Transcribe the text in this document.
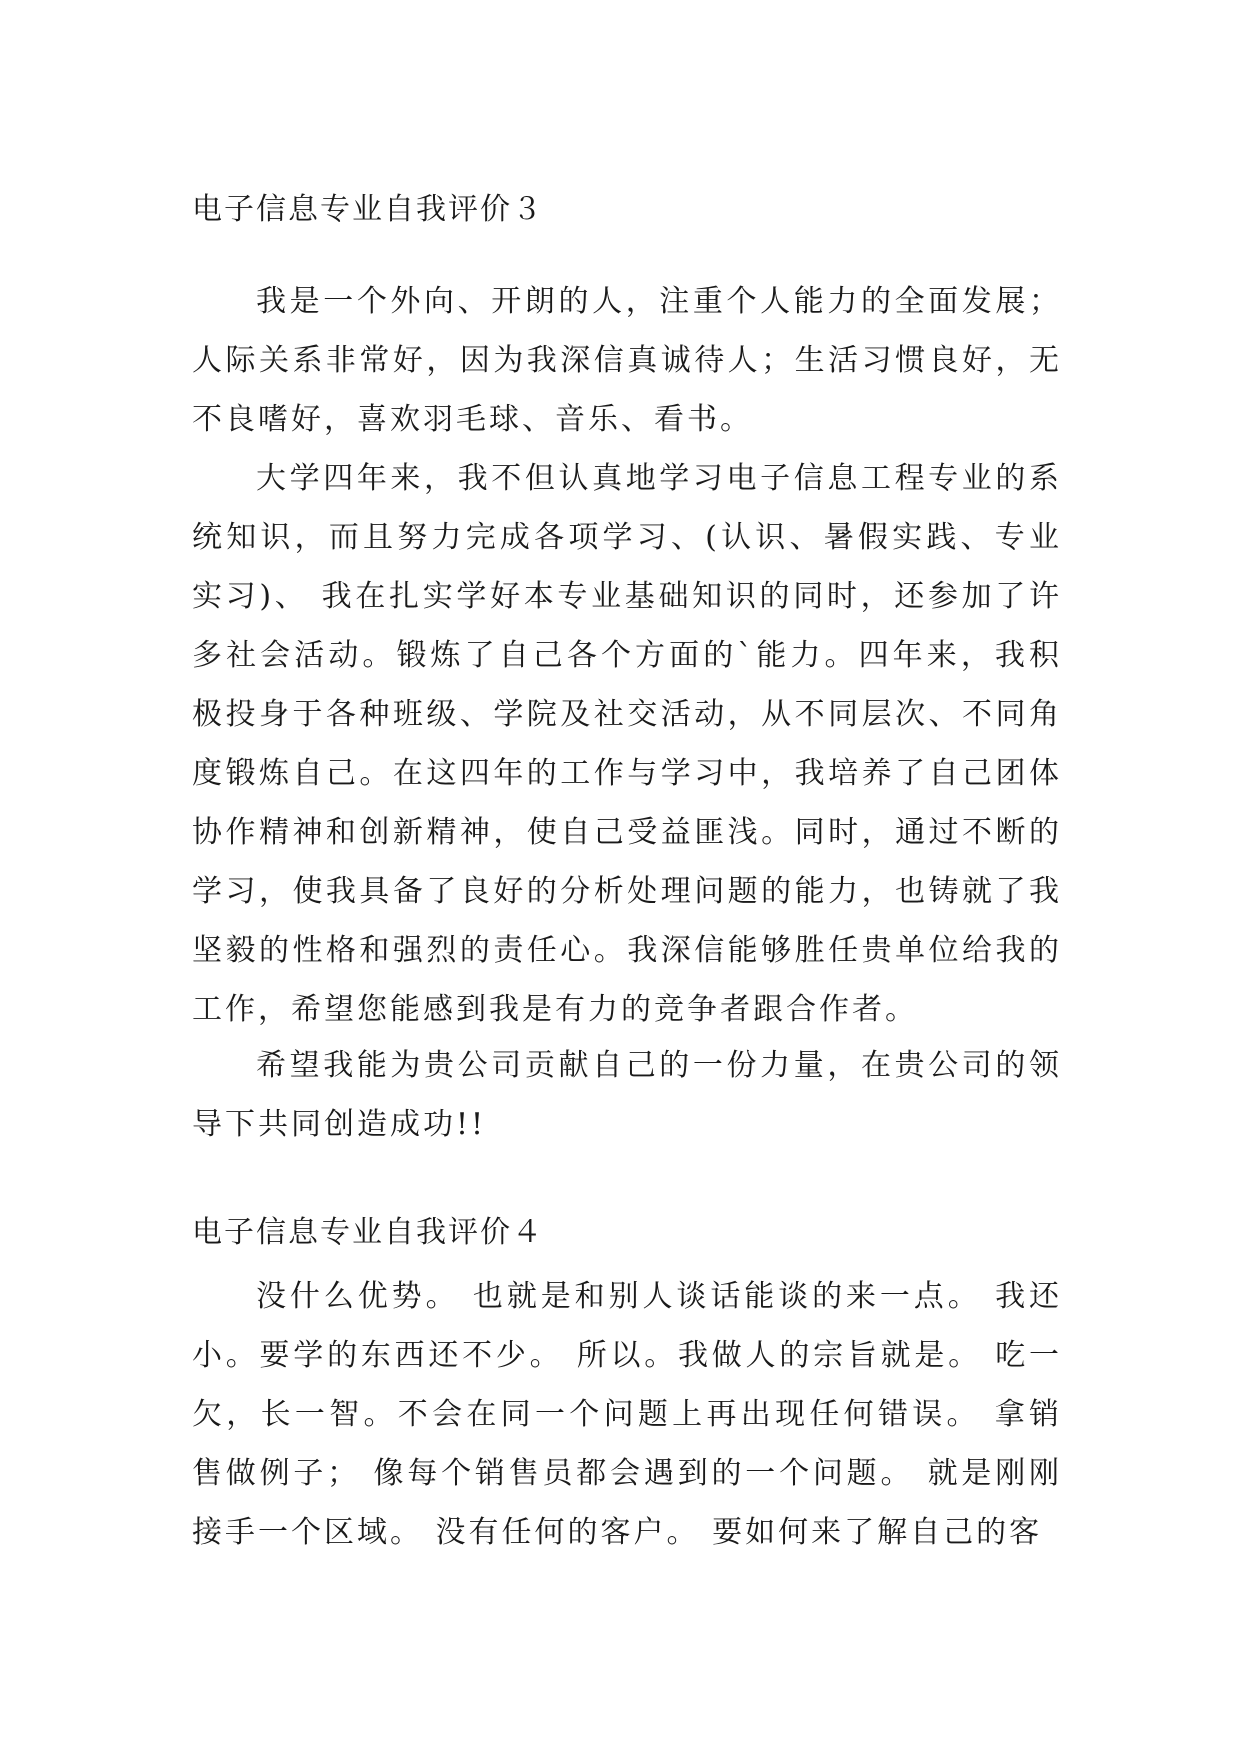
电子信息专业自我评价３

我是一个外向、开朗的人，注重个人能力的全面发展；人际关系非常好，因为我深信真诚待人；生活习惯良好，无不良嗜好，喜欢羽毛球、音乐、看书。

大学四年来，我不但认真地学习电子信息工程专业的系统知识，而且努力完成各项学习、(认识、暑假实践、专业实习)、 我在扎实学好本专业基础知识的同时，还参加了许多社会活动。锻炼了自己各个方面的`能力。四年来，我积极投身于各种班级、学院及社交活动，从不同层次、不同角度锻炼自己。在这四年的工作与学习中，我培养了自己团体协作精神和创新精神，使自己受益匪浅。同时，通过不断的学习，使我具备了良好的分析处理问题的能力，也铸就了我坚毅的性格和强烈的责任心。我深信能够胜任贵单位给我的工作，希望您能感到我是有力的竞争者跟合作者。

希望我能为贵公司贡献自己的一份力量，在贵公司的领导下共同创造成功!!

电子信息专业自我评价４

没什么优势。 也就是和别人谈话能谈的来一点。 我还小。要学的东西还不少。 所以。我做人的宗旨就是。 吃一欠，长一智。不会在同一个问题上再出现任何错误。 拿销售做例子； 像每个销售员都会遇到的一个问题。 就是刚刚接手一个区域。 没有任何的客户。 要如何来了解自己的客
